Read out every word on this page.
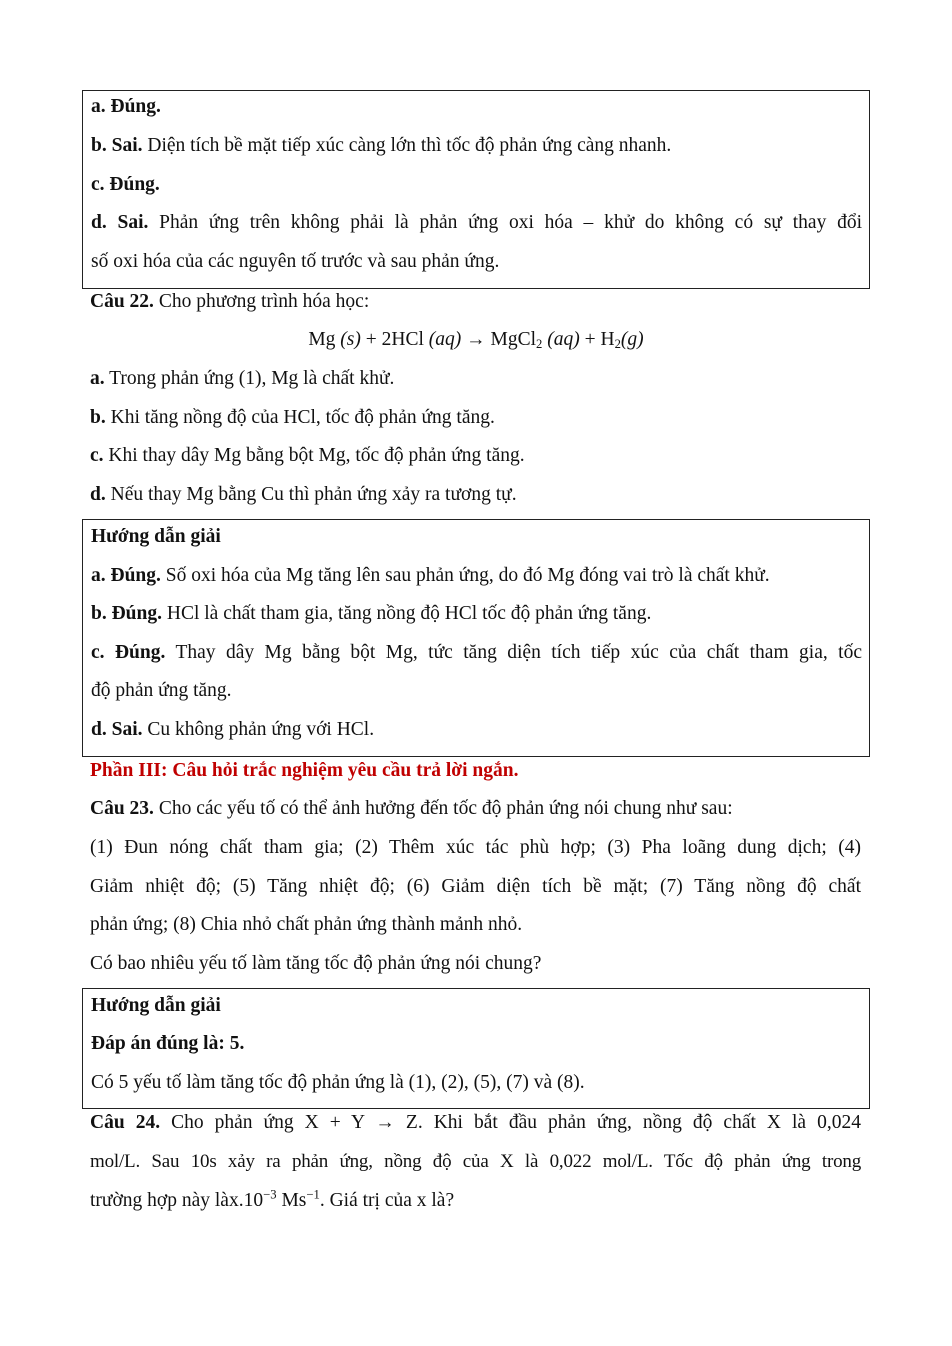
a. Đúng.
b. Sai. Diện tích bề mặt tiếp xúc càng lớn thì tốc độ phản ứng càng nhanh.
c. Đúng.
d. Sai. Phản ứng trên không phải là phản ứng oxi hóa – khử do không có sự thay đổi
số oxi hóa của các nguyên tố trước và sau phản ứng.
Câu 22. Cho phương trình hóa học:
Mg (s) + 2HCl (aq) → MgCl$_2$ $(aq) + H_2(g)$
a. Trong phản ứng (1), Mg là chất khử.
b. Khi tăng nồng độ của HCl, tốc độ phản ứng tăng.
c. Khi thay dây Mg bằng bột Mg, tốc độ phản ứng tăng.
d. Nếu thay Mg bằng Cu thì phản ứng xảy ra tương tự.
Hướng dẫn giải
a. Đúng. Số oxi hóa của Mg tăng lên sau phản ứng, do đó Mg đóng vai trò là chất khử.
b. Đúng. HCl là chất tham gia, tăng nồng độ HCl tốc độ phản ứng tăng.
c. Đúng. Thay dây Mg bằng bột Mg, tức tăng diện tích tiếp xúc của chất tham gia, tốc
độ phản ứng tăng.
d. Sai. Cu không phản ứng với HCl.
Phần III: Câu hỏi trắc nghiệm yêu cầu trả lời ngắn.
Câu 23. Cho các yếu tố có thể ảnh hưởng đến tốc độ phản ứng nói chung như sau:
(1) Đun nóng chất tham gia; (2) Thêm xúc tác phù hợp; (3) Pha loãng dung dịch; (4)
Giảm nhiệt độ; (5) Tăng nhiệt độ; (6) Giảm diện tích bề mặt; (7) Tăng nồng độ chất
phản ứng; (8) Chia nhỏ chất phản ứng thành mảnh nhỏ.
Có bao nhiêu yếu tố làm tăng tốc độ phản ứng nói chung?
Hướng dẫn giải
Đáp án đúng là: 5.
Có 5 yếu tố làm tăng tốc độ phản ứng là (1), (2), (5), (7) và (8).
Câu 24. Cho phản ứng X + Y → Z. Khi bắt đầu phản ứng, nồng độ chất X là 0,024
mol/L. Sau 10s xảy ra phản ứng, nồng độ của X là 0,022 mol/L. Tốc độ phản ứng trong
trường hợp này $làx.10^{-3}$ $Ms^{-1}$. Giá trị của x là?
